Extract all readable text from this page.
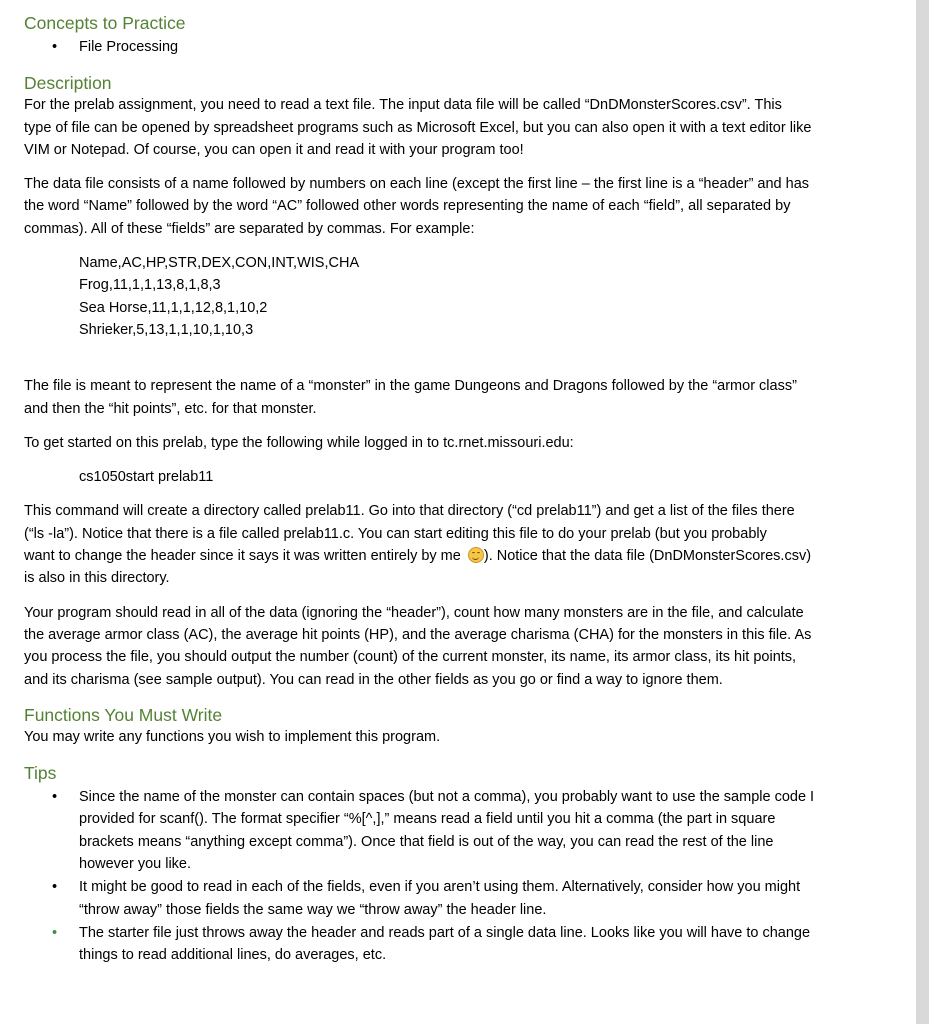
Concepts to Practice
• File Processing
Description

For the prelab assignment, you need to read a text file. The input data file will be called “DnDMonsterScores.csv”. This
type of file can be opened by spreadsheet programs such as Microsoft Excel, but you can also open it with a text editor like
VIM or Notepad. Of course, you can open it and read it with your program too!

The data file consists of a name followed by numbers on each line (except the first line – the first line is a “header” and has
the word “Name” followed by the word “AC” followed other words representing the name of each “field”, all separated by
commas). All of these “fields” are separated by commas. For example:

Name,AC,HP,STR,DEX,CON,INT,WIS,CHA
Frog,11,1,1,13,8,1,8,3
Sea Horse,11,1,1,12,8,1,10,2
Shrieker,5,13,1,1,10,1,10,3

The file is meant to represent the name of a “monster” in the game Dungeons and Dragons followed by the “armor class”
and then the “hit points”, etc. for that monster.

To get started on this prelab, type the following while logged in to tc.rnet.missouri.edu:

cs1050start prelab11

This command will create a directory called prelab11. Go into that directory (“cd prelab11”) and get a list of the files there
(“ls -la”). Notice that there is a file called prelab11.c. You can start editing this file to do your prelab (but you probably
want to change the header since it says it was written entirely by me
). Notice that the data file (DnDMonsterScores.csv)
is also in this directory.

Your program should read in all of the data (ignoring the “header”), count how many monsters are in the file, and calculate
the average armor class (AC), the average hit points (HP), and the average charisma (CHA) for the monsters in this file. As
you process the file, you should output the number (count) of the current monster, its name, its armor class, its hit points,
and its charisma (see sample output). You can read in the other fields as you go or find a way to ignore them.

Functions You Must Write

You may write any functions you wish to implement this program.

Tips
• Since the name of the monster can contain spaces (but not a comma), you probably want to use the sample code I
provided for scanf(). The format specifier “%[^,],” means read a field until you hit a comma (the part in square
brackets means “anything except comma”). Once that field is out of the way, you can read the rest of the line
however you like.
• It might be good to read in each of the fields, even if you aren’t using them. Alternatively, consider how you might
“throw away” those fields the same way we “throw away” the header line.
• The starter file just throws away the header and reads part of a single data line. Looks like you will have to change
things to read additional lines, do averages, etc.
